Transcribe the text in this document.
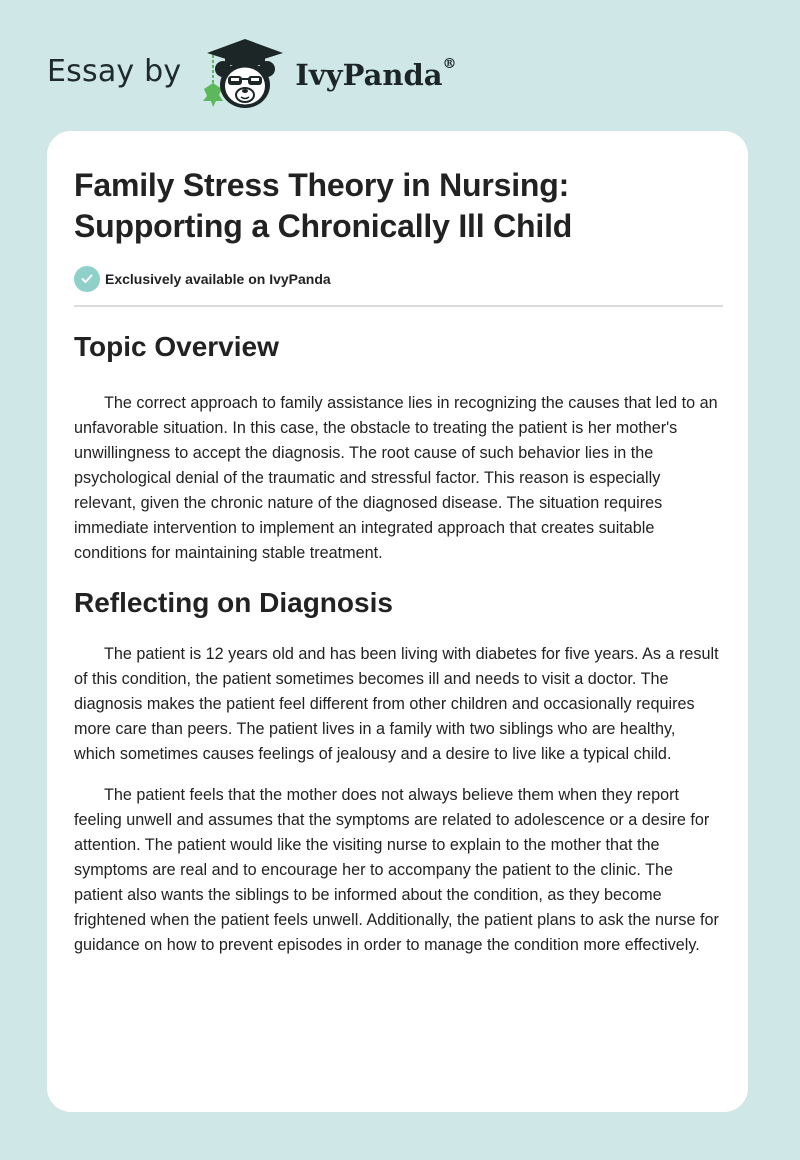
Essay by	IvyPanda®
Family Stress Theory in Nursing: Supporting a Chronically Ill Child
Exclusively available on IvyPanda
Topic Overview

The correct approach to family assistance lies in recognizing the causes that led to an unfavorable situation. In this case, the obstacle to treating the patient is her mother's unwillingness to accept the diagnosis. The root cause of such behavior lies in the psychological denial of the traumatic and stressful factor. This reason is especially relevant, given the chronic nature of the diagnosed disease. The situation requires immediate intervention to implement an integrated approach that creates suitable conditions for maintaining stable treatment.

Reflecting on Diagnosis

The patient is 12 years old and has been living with diabetes for five years. As a result of this condition, the patient sometimes becomes ill and needs to visit a doctor. The diagnosis makes the patient feel different from other children and occasionally requires more care than peers. The patient lives in a family with two siblings who are healthy, which sometimes causes feelings of jealousy and a desire to live like a typical child.

The patient feels that the mother does not always believe them when they report feeling unwell and assumes that the symptoms are related to adolescence or a desire for attention. The patient would like the visiting nurse to explain to the mother that the symptoms are real and to encourage her to accompany the patient to the clinic. The patient also wants the siblings to be informed about the condition, as they become frightened when the patient feels unwell. Additionally, the patient plans to ask the nurse for guidance on how to prevent episodes in order to manage the condition more effectively.
